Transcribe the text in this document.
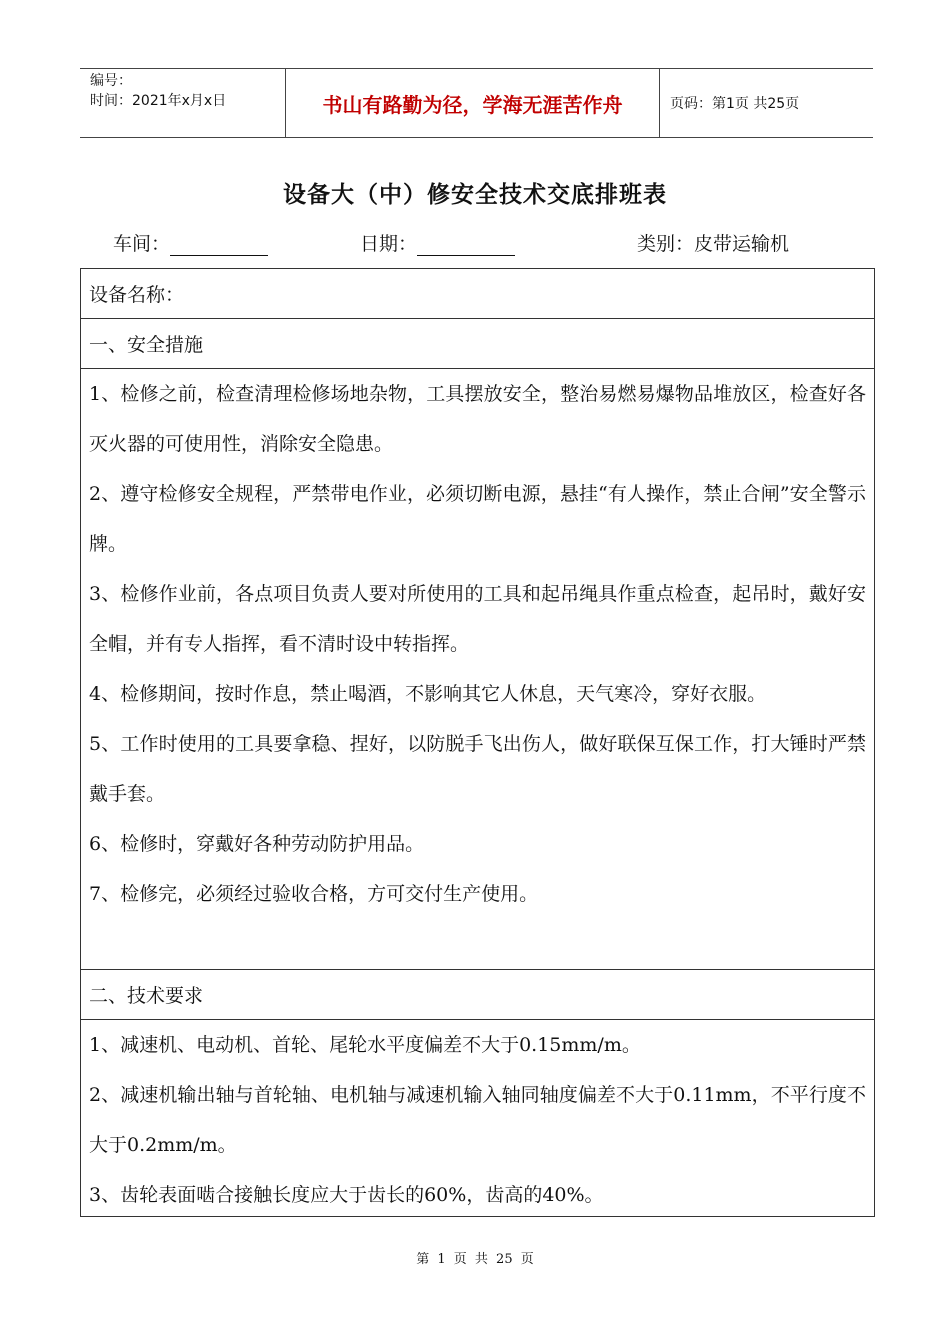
编号：
时间：2021年x月x日	书山有路勤为径，学海无涯苦作舟	页码：第1页 共25页
设备大（中）修安全技术交底排班表
车间：	日期：	类别：皮带运输机
设备名称：
一、安全措施
1、检修之前，检查清理检修场地杂物，工具摆放安全，整治易燃易爆物品堆放区，检查好各灭火器的可使用性，消除安全隐患。
2、遵守检修安全规程，严禁带电作业，必须切断电源，悬挂“有人操作，禁止合闸”安全警示牌。
3、检修作业前，各点项目负责人要对所使用的工具和起吊绳具作重点检查，起吊时，戴好安全帽，并有专人指挥，看不清时设中转指挥。
4、检修期间，按时作息，禁止喝酒，不影响其它人休息，天气寒冷，穿好衣服。
5、工作时使用的工具要拿稳、捏好，以防脱手飞出伤人，做好联保互保工作，打大锤时严禁戴手套。
6、检修时，穿戴好各种劳动防护用品。
7、检修完，必须经过验收合格，方可交付生产使用。
二、技术要求
1、减速机、电动机、首轮、尾轮水平度偏差不大于0.15mm/m。
2、减速机输出轴与首轮轴、电机轴与减速机输入轴同轴度偏差不大于0.11mm，不平行度不大于0.2mm/m。
3、齿轮表面啮合接触长度应大于齿长的60%，齿高的40%。
第 1 页 共 25 页
